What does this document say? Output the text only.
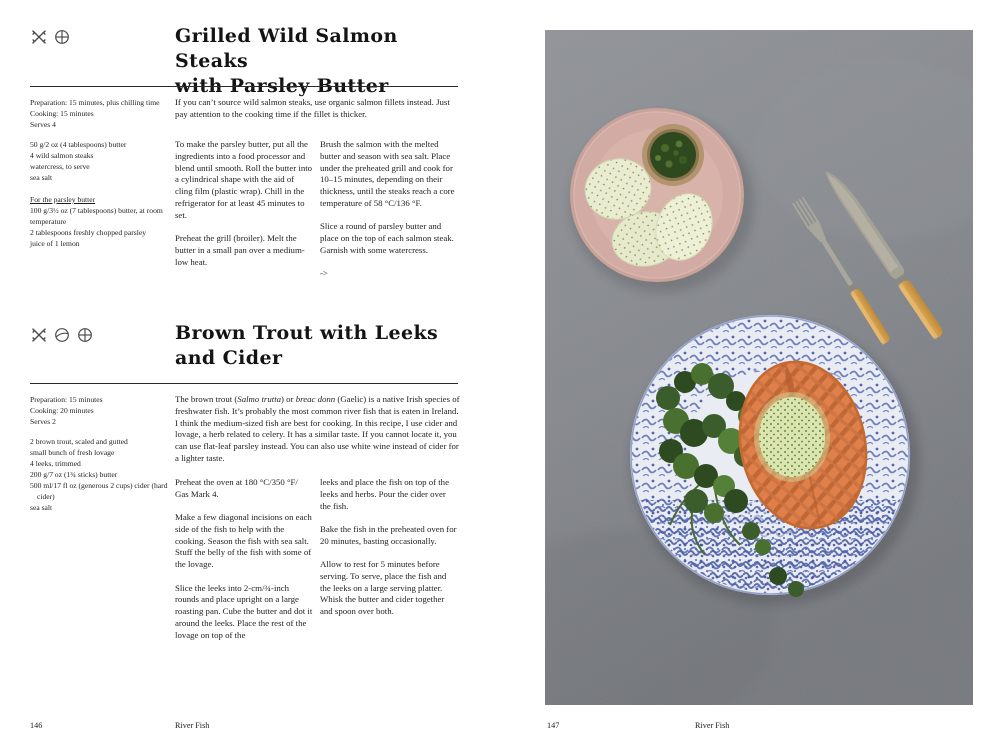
Grilled Wild Salmon Steaks
with Parsley Butter
Preparation: 15 minutes, plus chilling time
Cooking: 15 minutes
Serves 4

50 g/2 oz (4 tablespoons) butter

4 wild salmon steaks

watercress, to serve

sea salt

For the parsley butter

100 g/3½ oz (7 tablespoons) butter, at room temperature

2 tablespoons freshly chopped parsley

juice of 1 lemon

If you can’t source wild salmon steaks, use organic salmon fillets instead. Just pay attention to the cooking time if the fillet is thicker.

To make the parsley butter, put all the ingredients into a food processor and blend until smooth. Roll the butter into a cylindrical shape with the aid of cling film (plastic wrap). Chill in the refrigerator for at least 45 minutes to set.

Preheat the grill (broiler). Melt the butter in a small pan over a medium-low heat.

Brush the salmon with the melted butter and season with sea salt. Place under the preheated grill and cook for 10–15 minutes, depending on their thickness, until the steaks reach a core temperature of 58 °C/136 °F.

Slice a round of parsley butter and place on the top of each salmon steak. Garnish with some watercress.

->

Brown Trout with Leeks
and Cider
Preparation: 15 minutes
Cooking: 20 minutes
Serves 2

2 brown trout, scaled and gutted

small bunch of fresh lovage

4 leeks, trimmed

200 g/7 oz (1¾ sticks) butter

500 ml/17 fl oz (generous 2 cups) cider (hard cider)

sea salt

The brown trout (Salmo trutta) or breac donn (Gaelic) is a native Irish species of freshwater fish. It’s probably the most common river fish that is eaten in Ireland. I think the medium-sized fish are best for cooking. In this recipe, I use cider and lovage, a herb related to celery. It has a similar taste. If you cannot locate it, you can use flat-leaf parsley instead. You can also use white wine instead of cider for a lighter taste.

Preheat the oven at 180 °C/350 °F/ Gas Mark 4.

Make a few diagonal incisions on each side of the fish to help with the cooking. Season the fish with sea salt. Stuff the belly of the fish with some of the lovage.

Slice the leeks into 2-cm/¾-inch rounds and place upright on a large roasting pan. Cube the butter and dot it around the leeks. Place the rest of the lovage on top of the

leeks and place the fish on top of the leeks and herbs. Pour the cider over the fish.

Bake the fish in the preheated oven for 20 minutes, basting occasionally.

Allow to rest for 5 minutes before serving. To serve, place the fish and the leeks on a large serving platter. Whisk the butter and cider together and spoon over both.

146	River Fish	147	River Fish
